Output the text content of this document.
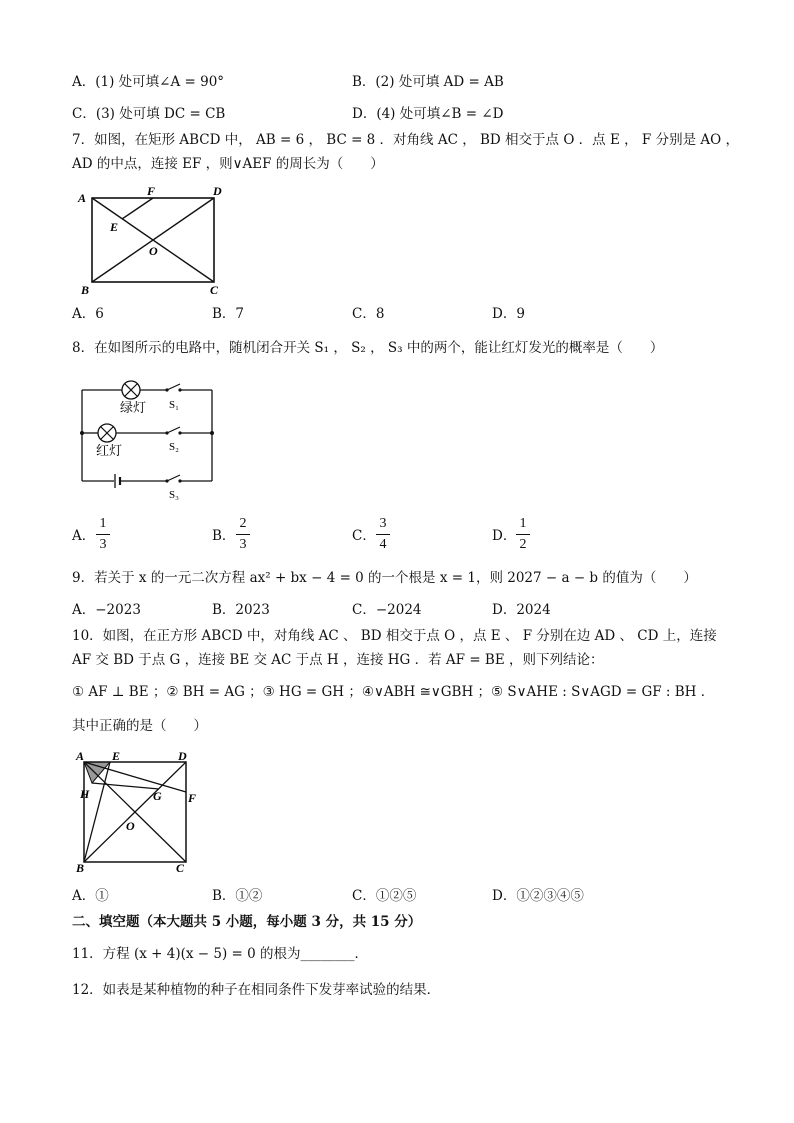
A．(1) 处可填∠A = 90°	B．(2) 处可填 AD = AB
C．(3) 处可填 DC = CB	D．(4) 处可填∠B = ∠D
7．如图，在矩形 ABCD 中， AB = 6 ， BC = 8 ．对角线 AC ， BD 相交于点 O ．点 E ， F 分别是 AO ，
AD 的中点，连接 EF ，则∨AEF 的周长为（　　）
A	F	D
E
O
B	C
A．6	B．7	C．8	D．9
8．在如图所示的电路中，随机闭合开关 S₁ ， S₂ ， S₃ 中的两个，能让红灯发光的概率是（　　）
绿灯 S₁
红灯	S₂
S₃
A．
1
3
B．
2
3
C．
3
4
D．
1
2
9．若关于 x 的一元二次方程 ax² + bx − 4 = 0 的一个根是 x = 1，则 2027 − a − b 的值为（　　）
A．−2023	B．2023	C．−2024	D．2024
10．如图，在正方形 ABCD 中，对角线 AC 、 BD 相交于点 O ，点 E 、 F 分别在边 AD 、 CD 上，连接
AF 交 BD 于点 G ，连接 BE 交 AC 于点 H ，连接 HG ．若 AF = BE ，则下列结论：
① AF ⊥ BE ；② BH = AG ；③ HG = GH ；④∨ABH ≅∨GBH ；⑤ S∨AHE : S∨AGD = GF : BH ．
其中正确的是（　　）
A E	D
H	G F
O
B	C
A．①	B．①②	C．①②⑤	D．①②③④⑤
二、填空题（本大题共 5 小题，每小题 3 分，共 15 分）
11．方程 (x + 4)(x − 5) = 0 的根为________．
12．如表是某种植物的种子在相同条件下发芽率试验的结果．
